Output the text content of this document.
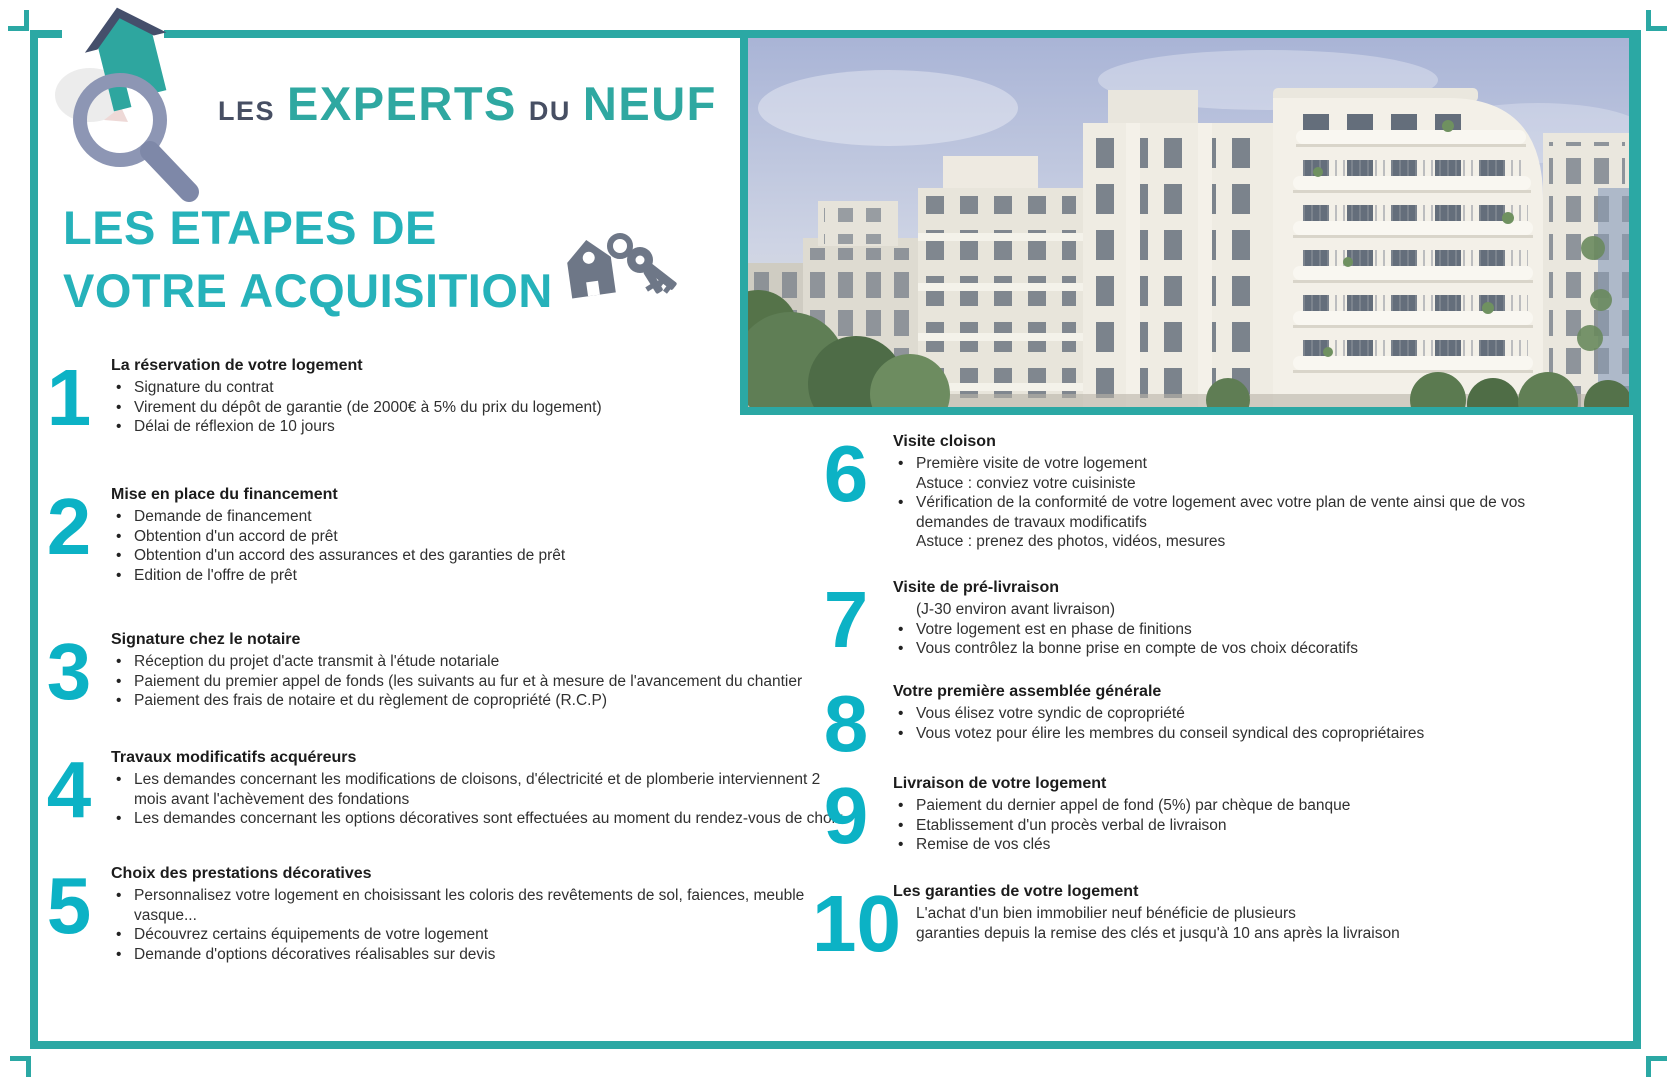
LES EXPERTS DU NEUF
LES ETAPES DE
VOTRE ACQUISITION
1	La réservation de votre logement
• Signature du contrat
• Virement du dépôt de garantie (de 2000€ à 5% du prix du logement)
• Délai de réflexion de 10 jours
2	Mise en place du financement
• Demande de financement
• Obtention d'un accord de prêt
• Obtention d'un accord des assurances et des garanties de prêt
• Edition de l'offre de prêt
3	Signature chez le notaire
• Réception du projet d'acte transmit à l'étude notariale
• Paiement du premier appel de fonds (les suivants au fur et à mesure de l'avancement du chantier
• Paiement des frais de notaire et du règlement de copropriété (R.C.P)
4	Travaux modificatifs acquéreurs
• Les demandes concernant les modifications de cloisons, d'électricité et de plomberie interviennent 2
mois avant l'achèvement des fondations
• Les demandes concernant les options décoratives sont effectuées au moment du rendez-vous de choix
5	Choix des prestations décoratives
• Personnalisez votre logement en choisissant les coloris des revêtements de sol, faiences, meuble
vasque...
• Découvrez certains équipements de votre logement
• Demande d'options décoratives réalisables sur devis
6	Visite cloison
• Première visite de votre logement
Astuce : conviez votre cuisiniste
• Vérification de la conformité de votre logement avec votre plan de vente ainsi que de vos
demandes de travaux modificatifs
Astuce : prenez des photos, vidéos, mesures
7	Visite de pré-livraison
(J-30 environ avant livraison)
• Votre logement est en phase de finitions
• Vous contrôlez la bonne prise en compte de vos choix décoratifs
8	Votre première assemblée générale
• Vous élisez votre syndic de copropriété
• Vous votez pour élire les membres du conseil syndical des copropriétaires
9	Livraison de votre logement
• Paiement du dernier appel de fond (5%) par chèque de banque
• Etablissement d'un procès verbal de livraison
• Remise de vos clés
10
Les garanties de votre logement
L'achat d'un bien immobilier neuf bénéficie de plusieurs
garanties depuis la remise des clés et jusqu'à 10 ans après la livraison
